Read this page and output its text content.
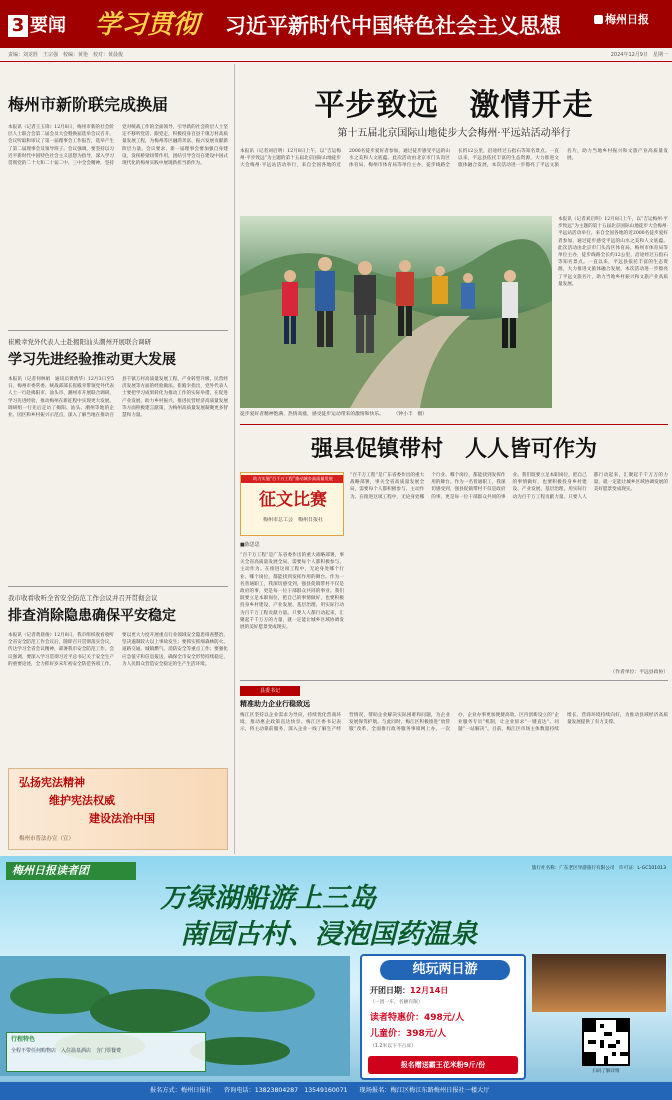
3 要闻	学习贯彻	习近平新时代中国特色社会主义思想	梅州日报
责编：刘龙胜　王宗强　校编：黄艳　校对：黄晨俊	2024年12月9日　星期一
梅州市新阶联完成换届

本报讯（记者王玉锋）12月8日，梅州市新的社会阶层人士联合会第二届会员大会暨换届选举会议召开。会议听取和审议了第一届理事会工作报告，选举产生了第二届理事会及领导班子。会议强调，要坚持以习近平新时代中国特色社会主义思想为指导，深入学习贯彻党的二十大和二十届二中、三中全会精神，坚持党对统战工作的全面领导，引导新的社会阶层人士坚定不移听党话、跟党走，积极投身百县千镇万村高质量发展工程，为梅州苏区融湾奔富、振兴发展贡献新阶层力量。会议要求，新一届理事会要加强自身建设，发挥桥梁纽带作用，团结引导会员在建设中国式现代化的梅州实践中展现新担当新作为。

崔殿幸党外代表人士赴揭阳汕头潮州开展联合调研
学习先进经验推动更大发展

本报讯（记者何林娟　通讯员黄倩华）12月3日至5日，梅州市委常委、统战部部长崔殿幸带领党外代表人士一行赴揭阳市、汕头市、潮州市开展联合调研，学习先进经验，推动梅州在新征程中实现更大发展。调研组一行先后走访了揭阳、汕头、潮州等地的企业、园区和乡村振兴示范点，深入了解当地在推动百县千镇万村高质量发展工程、产业转型升级、民营经济发展等方面的经验做法。崔殿幸指出，党外代表人士要把学习成果转化为推动工作的实际举措，在促进产业发展、助力乡村振兴、推进民营经济高质量发展等方面积极建言献策，为梅州高质量发展凝聚更多智慧和力量。

我市收看收听全省安全防范工作会议并召开贯彻会议
排查消除隐患确保平安稳定

本报讯（记者黄晨俊）12月8日，我市组织收看收听全省安全防范工作会议后，随即召开贯彻落实会议，传达学习全省会议精神，部署我市安全防范工作。会议强调，要深入学习贯彻习近平总书记关于安全生产的重要论述，全力抓好岁末年初安全防范各项工作。要以更大力度开展重点行业领域安全隐患排查整治，坚决遏制较大以上事故发生；要抓实抓细森林防火、道路交通、城镇燃气、消防安全等重点工作；要强化应急值守和信息报送，确保全市安全形势持续稳定，为人民群众营造安全稳定的生产生活环境。

弘扬宪法精神
维护宪法权威
建设法治中国
梅州市普法办宣（宣）
平步致远　激情开走
第十五届北京国际山地徒步大会梅州·平远站活动举行

本报讯（记者刘启明）12月8日上午，以“吉运梅州·平步致远”为主题的第十五届北京国际山地徒步大会梅州·平远站活动举行，来自全国各地的近2000名徒步爱好者参加，通过徒步感受平远的山水之美和人文底蕴。此次活动由北京市门头沟区体育局、梅州市体育局等单位主办，徒步线路全长约12公里，沿途经过五指石等知名景点。一直以来，平远县依托丰富的生态资源，大力推进文旅体融合发展，本次活动进一步擦亮了平远文旅名片，助力当地乡村振兴和文旅产业高质量发展。

徒步爱好者精神饱满、热情高涨，感受徒步运动带来的激情和快乐。　　　（钟小丰　摄）

本报讯（记者刘启明）12月8日上午，以“吉运梅州·平步致远”为主题的第十五届北京国际山地徒步大会梅州·平远站活动举行，来自全国各地的近2000名徒步爱好者参加，通过徒步感受平远的山水之美和人文底蕴。此次活动由北京市门头沟区体育局、梅州市体育局等单位主办，徒步线路全长约12公里，沿途经过五指石等知名景点。一直以来，平远县依托丰富的生态资源，大力推进文旅体融合发展，本次活动进一步擦亮了平远文旅名片，助力当地乡村振兴和文旅产业高质量发展。

强县促镇带村　人人皆可作为
助力实施“百千万工程”推动城乡高质量发展
征文比赛
梅州市总工会　梅州日报社
■陈思思

“百千万工程”是广东省委作出的重大战略部署，事关全省高质量发展全局，需要每个人都积极参与、主动作为。在推进这项工程中，无论身处哪个行业、哪个岗位，都能找到发挥作用的舞台。作为一名普通职工，我深切感受到，强县促镇带村不仅是政府的事，更是每一位干部群众共同的事业。我们既要立足本职岗位，把自己的事情做好，也要积极投身乡村建设、产业发展、基层治理，用实际行动为百千万工程贡献力量。只要人人都行动起来，汇聚起千千万万的力量，就一定能让城乡区域协调发展的美好愿景变成现实。

“百千万工程”是广东省委作出的重大战略部署，事关全省高质量发展全局，需要每个人都积极参与、主动作为。在推进这项工程中，无论身处哪个行业、哪个岗位，都能找到发挥作用的舞台。作为一名普通职工，我深切感受到，强县促镇带村不仅是政府的事，更是每一位干部群众共同的事业。我们既要立足本职岗位，把自己的事情做好，也要积极投身乡村建设、产业发展、基层治理，用实际行动为百千万工程贡献力量。只要人人都行动起来，汇聚起千千万万的力量，就一定能让城乡区域协调发展的美好愿景变成现实。

（作者单位：平远县政协）
县委书记
精准助力企业行稳致远

梅江区坚持以企业需求为导向，持续优化营商环境，推动惠企政策直达快享。梅江区委书记表示，将主动靠前服务，深入企业一线了解生产经营情况，帮助企业解决实际困难和问题，为企业发展保驾护航。与此同时，梅江区积极推进“放管服”改革，全面推行政务服务事项网上办、一次办，企业办事更加便捷高效。区内创新设立的“企业服务专员”机制，让企业诉求“一键直达”、问题“一站解决”。目前，梅江区市场主体数量持续增长，营商环境持续向好，为推动县域经济高质量发展提供了有力支撑。

梅州日报读者团	旅行社名称：广东老区导游旅行有限公司　许可证：L-GC101013
万绿湖船游上三岛
南园古村、浸泡国药温泉
行程特色
全程不带任何购物店　入住温泉酒店　含门票餐费
纯玩两日游
开团日期：12月14日
（一团一车，名额有限）
读者特惠价：498元/人
儿童价：398元/人
（1.2米以下不占床）
报名赠送霸王花米粉9斤/份
扫码了解详情
报名方式：梅州日报社 咨询电话：13823804287　13549160071 现场报名：梅江区梅江东路梅州日报社一楼大厅
